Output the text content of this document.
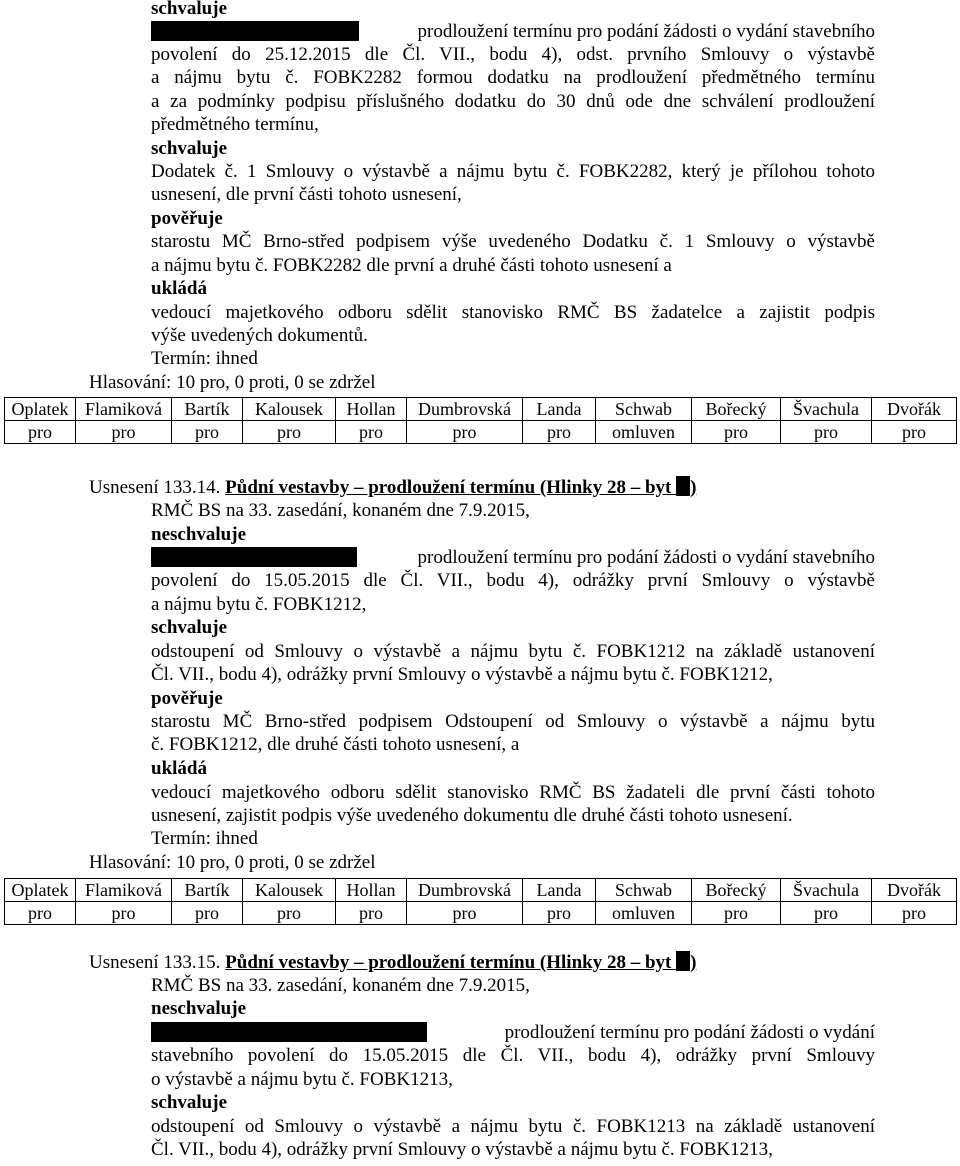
schvaluje
prodloužení termínu pro podání žádosti o vydání stavebního
povolení do 25.12.2015 dle Čl. VII., bodu 4), odst. prvního Smlouvy o výstavbě
a nájmu bytu č. FOBK2282 formou dodatku na prodloužení předmětného termínu
a za podmínky podpisu příslušného dodatku do 30 dnů ode dne schválení prodloužení
předmětného termínu,
schvaluje
Dodatek č. 1 Smlouvy o výstavbě a nájmu bytu č. FOBK2282, který je přílohou tohoto
usnesení, dle první části tohoto usnesení,
pověřuje
starostu MČ Brno-střed podpisem výše uvedeného Dodatku č. 1 Smlouvy o výstavbě
a nájmu bytu č. FOBK2282 dle první a druhé části tohoto usnesení a
ukládá
vedoucí majetkového odboru sdělit stanovisko RMČ BS žadatelce a zajistit podpis
výše uvedených dokumentů.
Termín: ihned
Hlasování: 10 pro, 0 proti, 0 se zdržel
Oplatek	Flamiková	Bartík	Kalousek	Hollan	Dumbrovská	Landa	Schwab	Bořecký	Švachula	Dvořák
pro	pro	pro	pro	pro	pro	pro	omluven	pro	pro	pro
Usnesení 133.14. Půdní vestavby – prodloužení termínu (Hlinky 28 – byt )
RMČ BS na 33. zasedání, konaném dne 7.9.2015,
neschvaluje
prodloužení termínu pro podání žádosti o vydání stavebního
povolení do 15.05.2015 dle Čl. VII., bodu 4), odrážky první Smlouvy o výstavbě
a nájmu bytu č. FOBK1212,
schvaluje
odstoupení od Smlouvy o výstavbě a nájmu bytu č. FOBK1212 na základě ustanovení
Čl. VII., bodu 4), odrážky první Smlouvy o výstavbě a nájmu bytu č. FOBK1212,
pověřuje
starostu MČ Brno-střed podpisem Odstoupení od Smlouvy o výstavbě a nájmu bytu
č. FOBK1212, dle druhé části tohoto usnesení, a
ukládá
vedoucí majetkového odboru sdělit stanovisko RMČ BS žadateli dle první části tohoto
usnesení, zajistit podpis výše uvedeného dokumentu dle druhé části tohoto usnesení.
Termín: ihned
Hlasování: 10 pro, 0 proti, 0 se zdržel
Oplatek	Flamiková	Bartík	Kalousek	Hollan	Dumbrovská	Landa	Schwab	Bořecký	Švachula	Dvořák
pro	pro	pro	pro	pro	pro	pro	omluven	pro	pro	pro
Usnesení 133.15. Půdní vestavby – prodloužení termínu (Hlinky 28 – byt )
RMČ BS na 33. zasedání, konaném dne 7.9.2015,
neschvaluje
prodloužení termínu pro podání žádosti o vydání
stavebního povolení do 15.05.2015 dle Čl. VII., bodu 4), odrážky první Smlouvy
o výstavbě a nájmu bytu č. FOBK1213,
schvaluje
odstoupení od Smlouvy o výstavbě a nájmu bytu č. FOBK1213 na základě ustanovení
Čl. VII., bodu 4), odrážky první Smlouvy o výstavbě a nájmu bytu č. FOBK1213,
